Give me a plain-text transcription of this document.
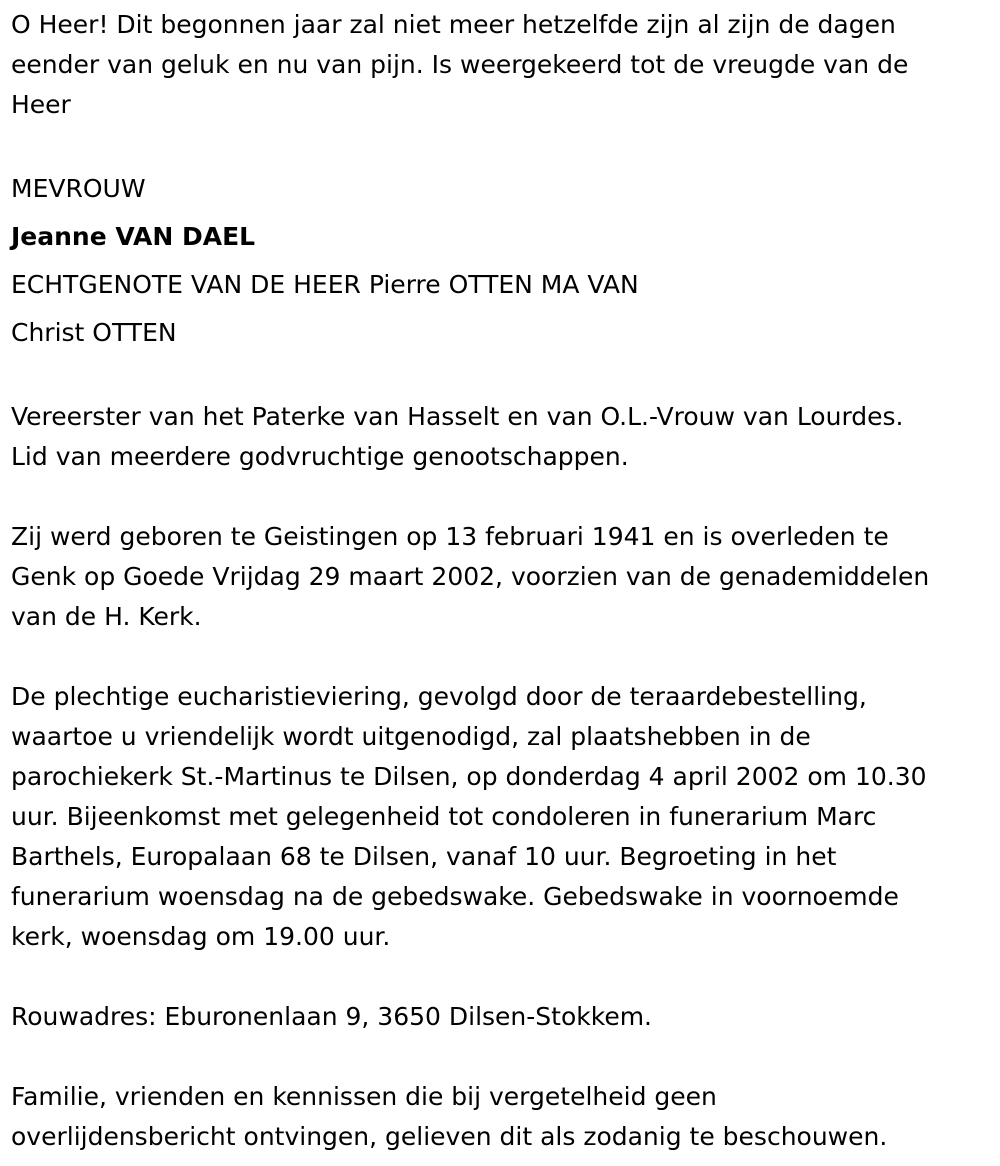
O Heer! Dit begonnen jaar zal niet meer hetzelfde zijn al zijn de dagen
eender van geluk en nu van pijn. Is weergekeerd tot de vreugde van de
Heer

MEVROUW
Jeanne VAN DAEL
ECHTGENOTE VAN DE HEER Pierre OTTEN MA VAN
Christ OTTEN

Vereerster van het Paterke van Hasselt en van O.L.-Vrouw van Lourdes.
Lid van meerdere godvruchtige genootschappen.

Zij werd geboren te Geistingen op 13 februari 1941 en is overleden te
Genk op Goede Vrijdag 29 maart 2002, voorzien van de genademiddelen
van de H. Kerk.

De plechtige eucharistieviering, gevolgd door de teraardebestelling,
waartoe u vriendelijk wordt uitgenodigd, zal plaatshebben in de
parochiekerk St.-Martinus te Dilsen, op donderdag 4 april 2002 om 10.30
uur. Bijeenkomst met gelegenheid tot condoleren in funerarium Marc
Barthels, Europalaan 68 te Dilsen, vanaf 10 uur. Begroeting in het
funerarium woensdag na de gebedswake. Gebedswake in voornoemde
kerk, woensdag om 19.00 uur.

Rouwadres: Eburonenlaan 9, 3650 Dilsen-Stokkem.

Familie, vrienden en kennissen die bij vergetelheid geen
overlijdensbericht ontvingen, gelieven dit als zodanig te beschouwen.
